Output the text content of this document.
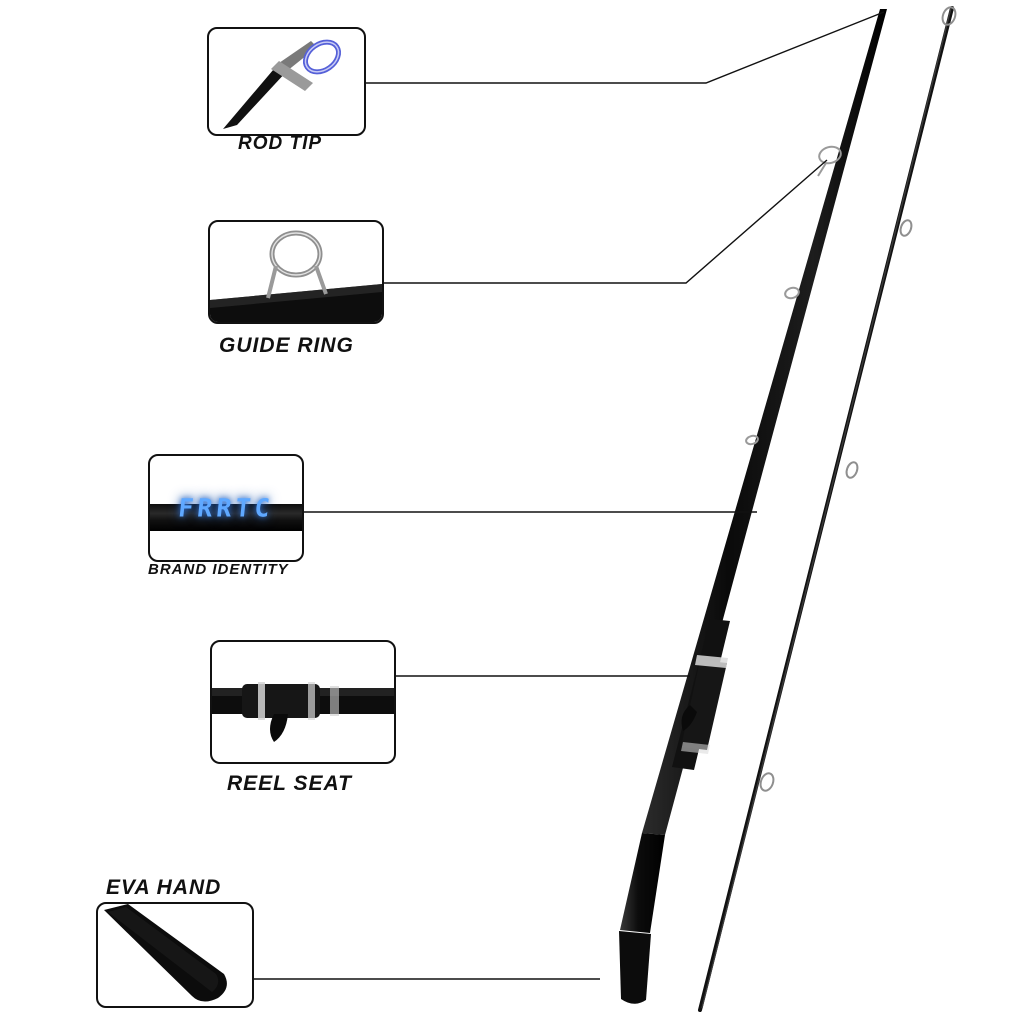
ROD TIP
GUIDE RING
FRRTC
BRAND IDENTITY
REEL SEAT
EVA HAND
